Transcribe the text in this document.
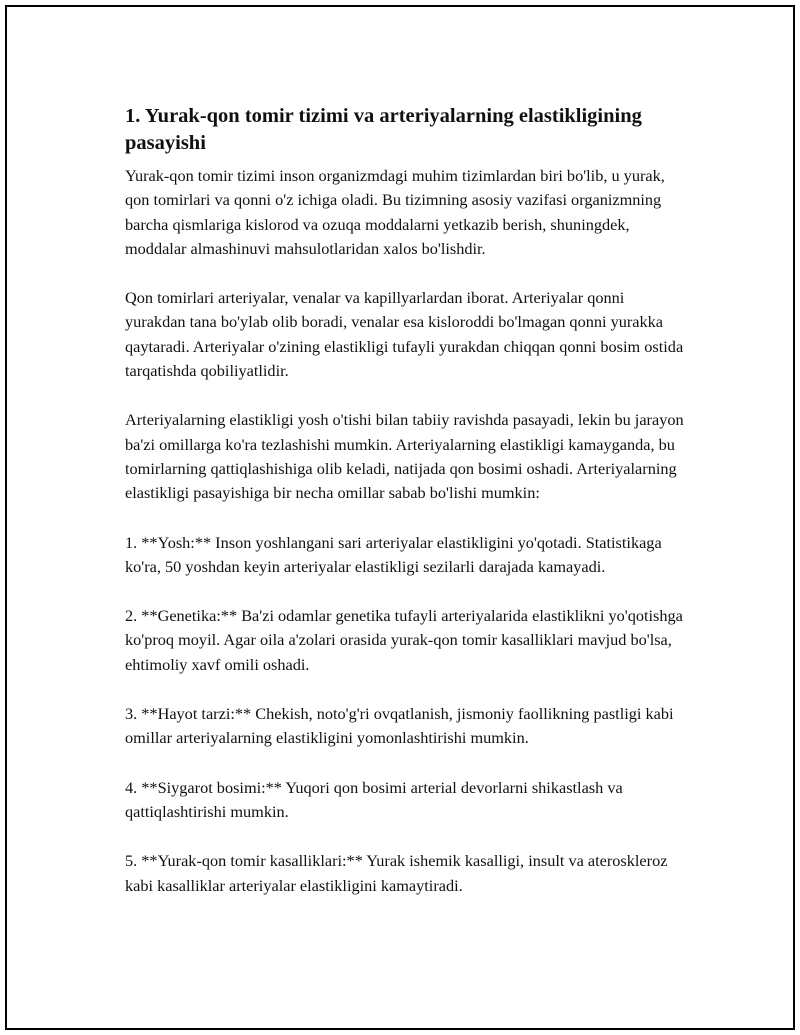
1. Yurak-qon tomir tizimi va arteriyalarning elastikligining pasayishi

Yurak-qon tomir tizimi inson organizmdagi muhim tizimlardan biri bo'lib, u yurak, qon tomirlari va qonni o'z ichiga oladi. Bu tizimning asosiy vazifasi organizmning barcha qismlariga kislorod va ozuqa moddalarni yetkazib berish, shuningdek, moddalar almashinuvi mahsulotlaridan xalos bo'lishdir.

Qon tomirlari arteriyalar, venalar va kapillyarlardan iborat. Arteriyalar qonni yurakdan tana bo'ylab olib boradi, venalar esa kisloroddi bo'lmagan qonni yurakka qaytaradi. Arteriyalar o'zining elastikligi tufayli yurakdan chiqqan qonni bosim ostida tarqatishda qobiliyatlidir.

Arteriyalarning elastikligi yosh o'tishi bilan tabiiy ravishda pasayadi, lekin bu jarayon ba'zi omillarga ko'ra tezlashishi mumkin. Arteriyalarning elastikligi kamayganda, bu tomirlarning qattiqlashishiga olib keladi, natijada qon bosimi oshadi. Arteriyalarning elastikligi pasayishiga bir necha omillar sabab bo'lishi mumkin:

1. **Yosh:** Inson yoshlangani sari arteriyalar elastikligini yo'qotadi. Statistikaga ko'ra, 50 yoshdan keyin arteriyalar elastikligi sezilarli darajada kamayadi.

2. **Genetika:** Ba'zi odamlar genetika tufayli arteriyalarida elastiklikni yo'qotishga ko'proq moyil. Agar oila a'zolari orasida yurak-qon tomir kasalliklari mavjud bo'lsa, ehtimoliy xavf omili oshadi.

3. **Hayot tarzi:** Chekish, noto'g'ri ovqatlanish, jismoniy faollikning pastligi kabi omillar arteriyalarning elastikligini yomonlashtirishi mumkin.

4. **Siygarot bosimi:** Yuqori qon bosimi arterial devorlarni shikastlash va qattiqlashtirishi mumkin.

5. **Yurak-qon tomir kasalliklari:** Yurak ishemik kasalligi, insult va ateroskleroz kabi kasalliklar arteriyalar elastikligini kamaytiradi.
